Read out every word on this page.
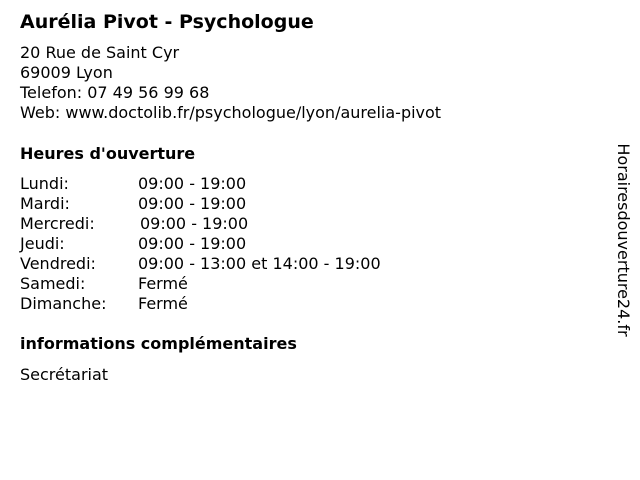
Aurélia Pivot - Psychologue
20 Rue de Saint Cyr
69009 Lyon
Telefon: 07 49 56 99 68
Web: www.doctolib.fr/psychologue/lyon/aurelia-pivot
Heures d'ouverture
Lundi:	09:00 - 19:00
Mardi:	09:00 - 19:00
Mercredi:	09:00 - 19:00
Jeudi:	09:00 - 19:00
Vendredi:	09:00 - 13:00 et 14:00 - 19:00
Samedi:	Fermé
Dimanche: Fermé
informations complémentaires
Secrétariat
Horairesdouverture24.fr
